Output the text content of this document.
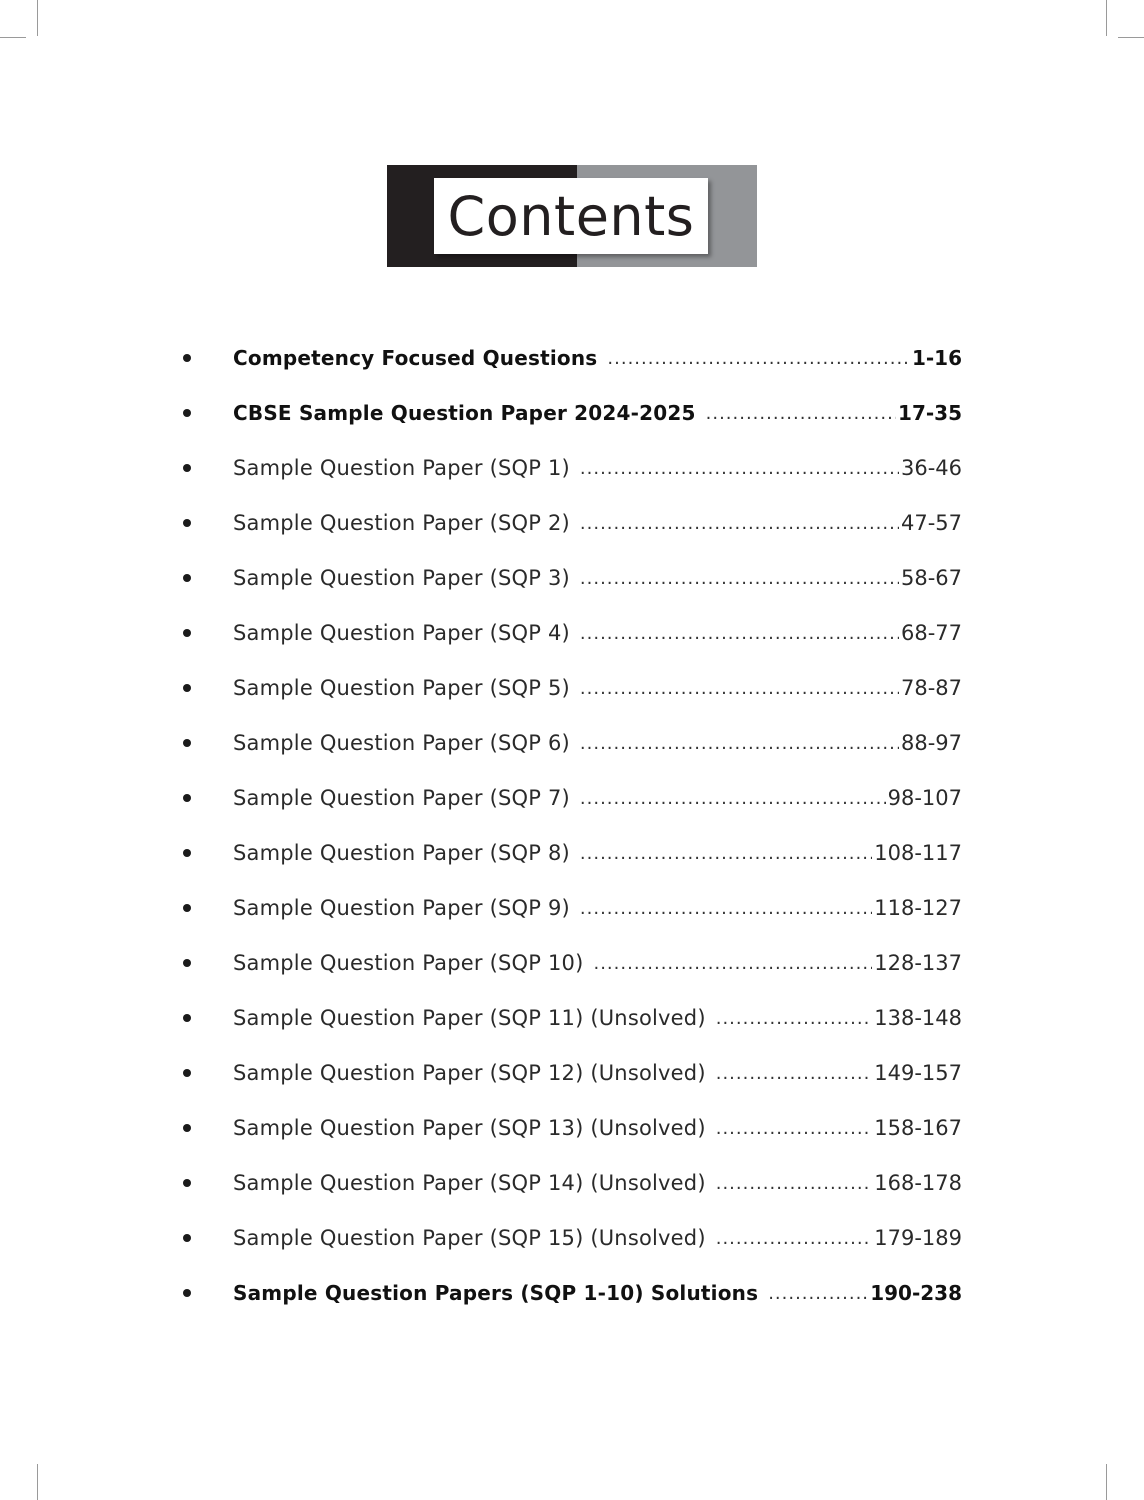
Contents
Competency Focused Questions .....	1-16
CBSE Sample Question Paper 2024-2025 .....	17-35
Sample Question Paper (SQP 1) .....	36-46
Sample Question Paper (SQP 2) .....	47-57
Sample Question Paper (SQP 3) .....	58-67
Sample Question Paper (SQP 4) .....	68-77
Sample Question Paper (SQP 5) .....	78-87
Sample Question Paper (SQP 6) .....	88-97
Sample Question Paper (SQP 7) .....	98-107
Sample Question Paper (SQP 8) .....	108-117
Sample Question Paper (SQP 9) .....	118-127
Sample Question Paper (SQP 10) .....	128-137
Sample Question Paper (SQP 11) (Unsolved) .....	138-148
Sample Question Paper (SQP 12) (Unsolved) .....	149-157
Sample Question Paper (SQP 13) (Unsolved) .....	158-167
Sample Question Paper (SQP 14) (Unsolved) .....	168-178
Sample Question Paper (SQP 15) (Unsolved) .....	179-189
Sample Question Papers (SQP 1-10) Solutions .....	190-238
